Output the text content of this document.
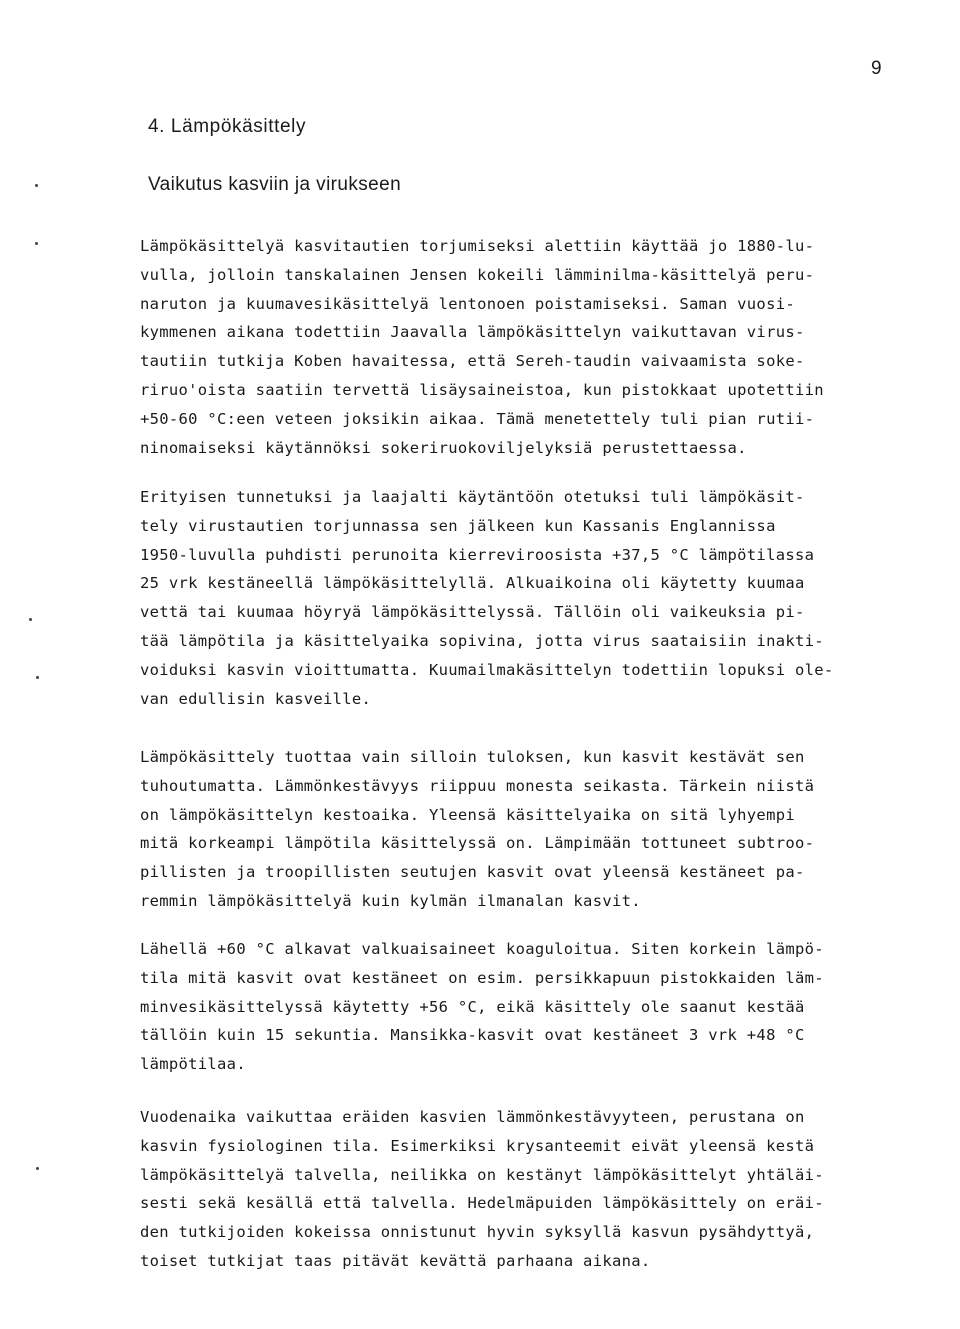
9
4. Lämpökäsittely
Vaikutus kasviin ja virukseen
Lämpökäsittelyä kasvitautien torjumiseksi alettiin käyttää jo 1880-lu-
vulla, jolloin tanskalainen Jensen kokeili lämminilma-käsittelyä peru-
naruton ja kuumavesikäsittelyä lentonoen poistamiseksi. Saman vuosi-
kymmenen aikana todettiin Jaavalla lämpökäsittelyn vaikuttavan virus-
tautiin tutkija Koben havaitessa, että Sereh-taudin vaivaamista soke-
riruo'oista saatiin tervettä lisäysaineistoa, kun pistokkaat upotettiin
+50-60 °C:een veteen joksikin aikaa. Tämä menetettely tuli pian rutii-
ninomaiseksi käytännöksi sokeriruokoviljelyksiä perustettaessa.
Erityisen tunnetuksi ja laajalti käytäntöön otetuksi tuli lämpökäsit-
tely virustautien torjunnassa sen jälkeen kun Kassanis Englannissa
1950-luvulla puhdisti perunoita kierreviroosista +37,5 °C lämpötilassa
25 vrk kestäneellä lämpökäsittelyllä. Alkuaikoina oli käytetty kuumaa
vettä tai kuumaa höyryä lämpökäsittelyssä. Tällöin oli vaikeuksia pi-
tää lämpötila ja käsittelyaika sopivina, jotta virus saataisiin inakti-
voiduksi kasvin vioittumatta. Kuumailmakäsittelyn todettiin lopuksi ole-
van edullisin kasveille.
Lämpökäsittely tuottaa vain silloin tuloksen, kun kasvit kestävät sen
tuhoutumatta. Lämmönkestävyys riippuu monesta seikasta. Tärkein niistä
on lämpökäsittelyn kestoaika. Yleensä käsittelyaika on sitä lyhyempi
mitä korkeampi lämpötila käsittelyssä on. Lämpimään tottuneet subtroo-
pillisten ja troopillisten seutujen kasvit ovat yleensä kestäneet pa-
remmin lämpökäsittelyä kuin kylmän ilmanalan kasvit.
Lähellä +60 °C alkavat valkuaisaineet koaguloitua. Siten korkein lämpö-
tila mitä kasvit ovat kestäneet on esim. persikkapuun pistokkaiden läm-
minvesikäsittelyssä käytetty +56 °C, eikä käsittely ole saanut kestää
tällöin kuin 15 sekuntia. Mansikka-kasvit ovat kestäneet 3 vrk +48 °C
lämpötilaa.
Vuodenaika vaikuttaa eräiden kasvien lämmönkestävyyteen, perustana on
kasvin fysiologinen tila. Esimerkiksi krysanteemit eivät yleensä kestä
lämpökäsittelyä talvella, neilikka on kestänyt lämpökäsittelyt yhtäläi-
sesti sekä kesällä että talvella. Hedelmäpuiden lämpökäsittely on eräi-
den tutkijoiden kokeissa onnistunut hyvin syksyllä kasvun pysähdyttyä,
toiset tutkijat taas pitävät kevättä parhaana aikana.
